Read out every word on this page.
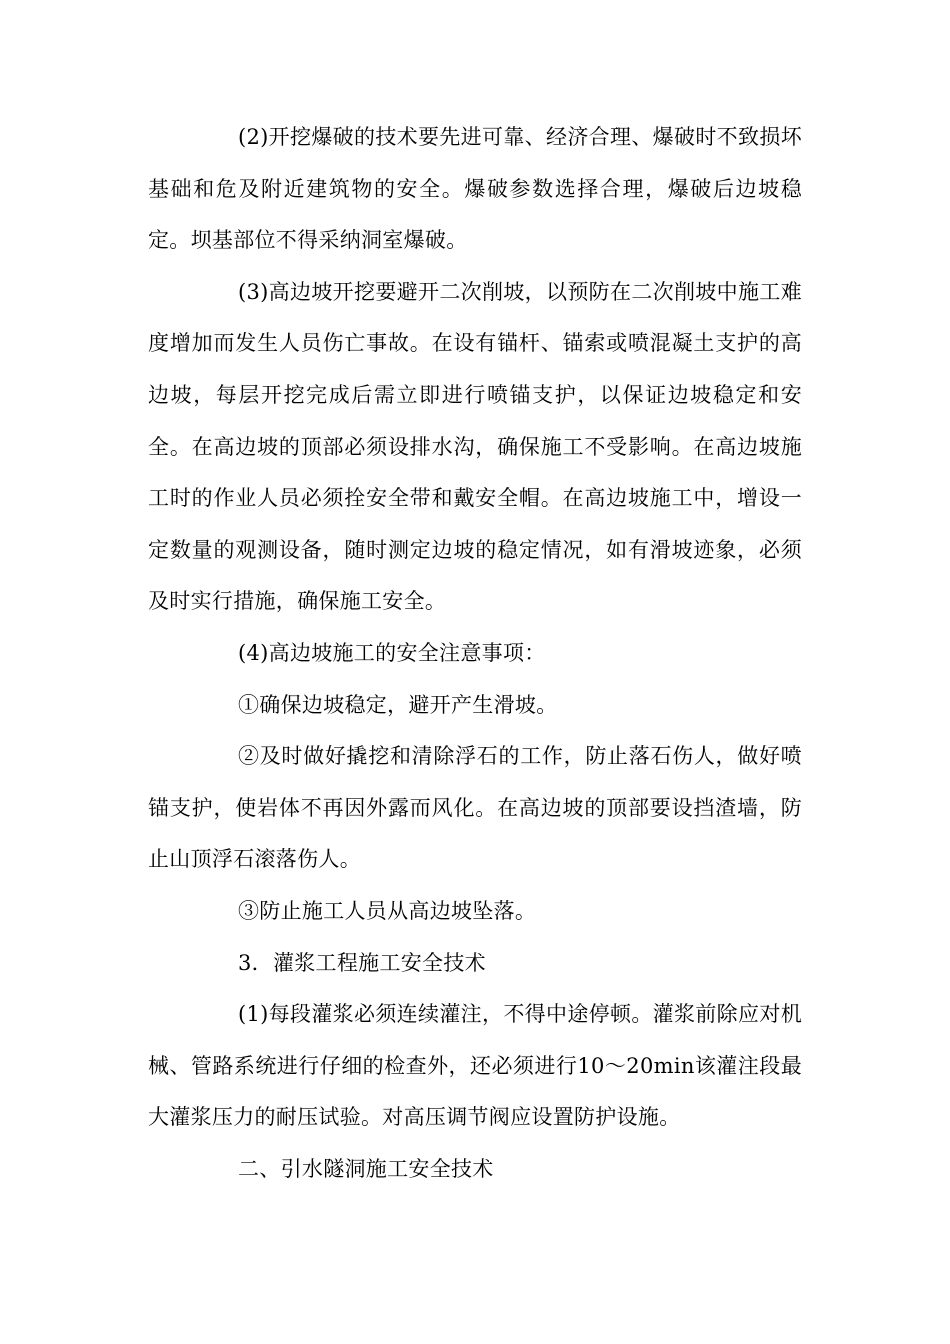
(2)开挖爆破的技术要先进可靠、经济合理、爆破时不致损坏基础和危及附近建筑物的安全。爆破参数选择合理，爆破后边坡稳定。坝基部位不得采纳洞室爆破。

(3)高边坡开挖要避开二次削坡，以预防在二次削坡中施工难度增加而发生人员伤亡事故。在设有锚杆、锚索或喷混凝土支护的高边坡，每层开挖完成后需立即进行喷锚支护，以保证边坡稳定和安全。在高边坡的顶部必须设排水沟，确保施工不受影响。在高边坡施工时的作业人员必须拴安全带和戴安全帽。在高边坡施工中，增设一定数量的观测设备，随时测定边坡的稳定情况，如有滑坡迹象，必须及时实行措施，确保施工安全。

(4)高边坡施工的安全注意事项：

①确保边坡稳定，避开产生滑坡。

②及时做好撬挖和清除浮石的工作，防止落石伤人，做好喷锚支护，使岩体不再因外露而风化。在高边坡的顶部要设挡渣墙，防止山顶浮石滚落伤人。

③防止施工人员从高边坡坠落。

3．灌浆工程施工安全技术

(1)每段灌浆必须连续灌注，不得中途停顿。灌浆前除应对机械、管路系统进行仔细的检查外，还必须进行10～20min该灌注段最大灌浆压力的耐压试验。对高压调节阀应设置防护设施。

二、引水隧洞施工安全技术
